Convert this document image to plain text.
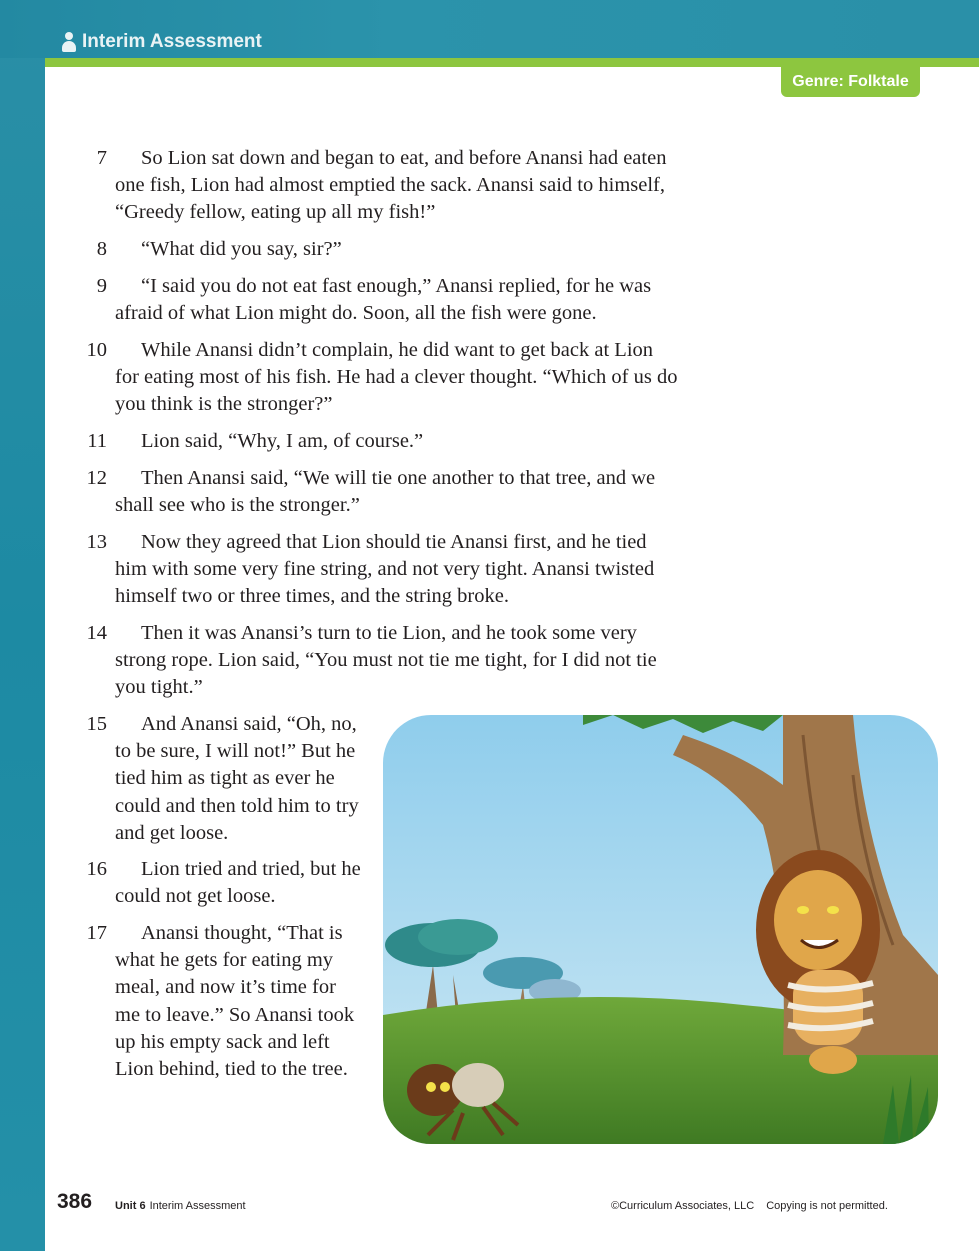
Interim Assessment
Genre:
Folktale
7	So Lion sat down and began to eat, and before Anansi had eaten one fish, Lion had almost emptied the sack. Anansi said to himself, “Greedy fellow, eating up all my fish!”
8	“What did you say, sir?”
9	“I said you do not eat fast enough,” Anansi replied, for he was afraid of what Lion might do. Soon, all the fish were gone.
10	While Anansi didn’t complain, he did want to get back at Lion for eating most of his fish. He had a clever thought. “Which of us do you think is the stronger?”
11	Lion said, “Why, I am, of course.”
12	Then Anansi said, “We will tie one another to that tree, and we shall see who is the stronger.”
13	Now they agreed that Lion should tie Anansi first, and he tied him with some very fine string, and not very tight. Anansi twisted himself two or three times, and the string broke.
14	Then it was Anansi’s turn to tie Lion, and he took some very strong rope. Lion said, “You must not tie me tight, for I did not tie you tight.”
15	And Anansi said, “Oh, no, to be sure, I will not!” But he tied him as tight as ever he could and then told him to try and get loose.
16	Lion tried and tried, but he could not get loose.
17	Anansi thought, “That is what he gets for eating my meal, and now it’s time for me to leave.” So Anansi took up his empty sack and left Lion behind, tied to the tree.
386 Unit 6 Interim Assessment	©Curriculum Associates, LLC Copying is not permitted.
